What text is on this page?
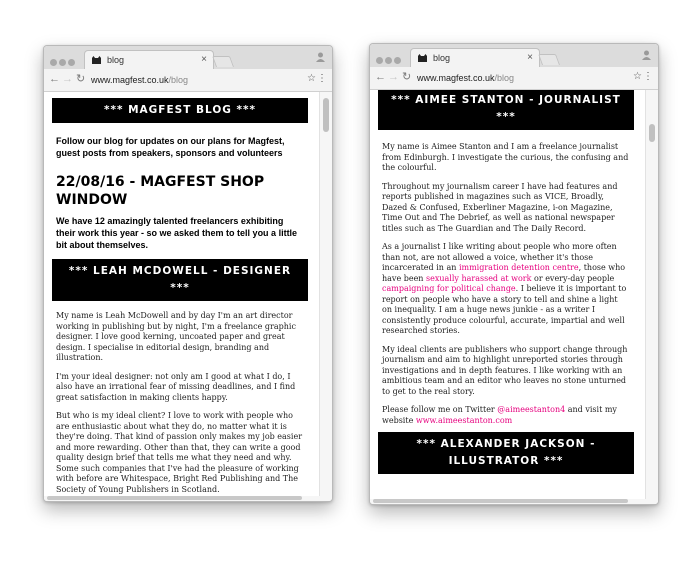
blog	×
← → ↻ www.magfest.co.uk/blog	☆ ⋮
*** MAGFEST BLOG ***
Follow our blog for updates on our plans for Magfest, guest posts from speakers, sponsors and volunteers
22/08/16 - MAGFEST SHOP WINDOW
We have 12 amazingly talented freelancers exhibiting their work this year - so we asked them to tell you a little bit about themselves.
*** LEAH MCDOWELL - DESIGNER ***
My name is Leah McDowell and by day I'm an art director working in publishing but by night, I'm a freelance graphic designer. I love good kerning, uncoated paper and great design. I specialise in editorial design, branding and illustration.
I'm your ideal designer: not only am I good at what I do, I also have an irrational fear of missing deadlines, and I find great satisfaction in making clients happy.
But who is my ideal client? I love to work with people who are enthusiastic about what they do, no matter what it is they're doing. That kind of passion only makes my job easier and more rewarding. Other than that, they can write a good quality design brief that tells me what they need and why. Some such companies that I've had the pleasure of working with before are Whitespace, Bright Red Publishing and The Society of Young Publishers in Scotland.
blog	×
← → ↻ www.magfest.co.uk/blog	☆ ⋮
*** AIMEE STANTON - JOURNALIST ***
My name is Aimee Stanton and I am a freelance journalist from Edinburgh. I investigate the curious, the confusing and the colourful.
Throughout my journalism career I have had features and reports published in magazines such as VICE, Broadly, Dazed & Confused, Exberliner Magazine, i-on Magazine, Time Out and The Debrief, as well as national newspaper titles such as The Guardian and The Daily Record.
As a journalist I like writing about people who more often than not, are not allowed a voice, whether it's those incarcerated in an immigration detention centre, those who have been sexually harassed at work or every-day people campaigning for political change. I believe it is important to report on people who have a story to tell and shine a light on inequality. I am a huge news junkie - as a writer I consistently produce colourful, accurate, impartial and well researched stories.
My ideal clients are publishers who support change through journalism and aim to highlight unreported stories through investigations and in depth features. I like working with an ambitious team and an editor who leaves no stone unturned to get to the real story.
Please follow me on Twitter @aimeestanton4 and visit my website www.aimeestanton.com
*** ALEXANDER JACKSON - ILLUSTRATOR ***
